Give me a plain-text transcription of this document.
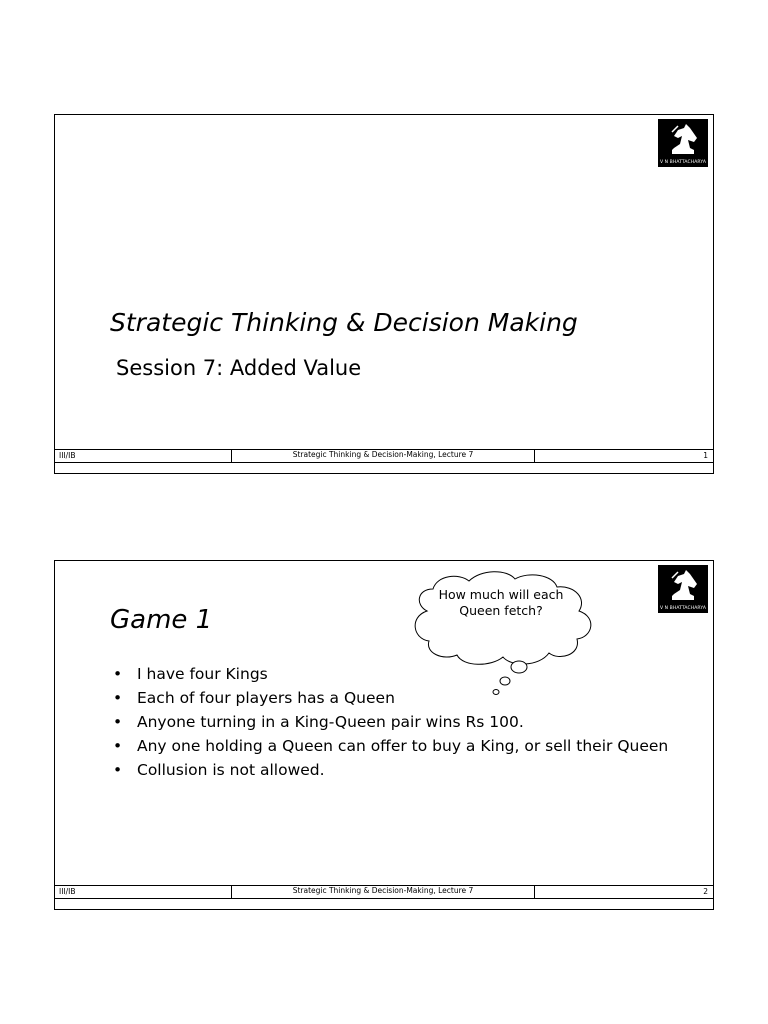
V N BHATTACHARYA
Strategic Thinking & Decision Making
Session 7: Added Value
III/IB	Strategic Thinking & Decision-Making, Lecture 7	1
V N BHATTACHARYA
Game 1
How much will each Queen fetch?
• I have four Kings
• Each of four players has a Queen
• Anyone turning in a King-Queen pair wins Rs 100.
• Any one holding a Queen can offer to buy a King, or sell their Queen
• Collusion is not allowed.
III/IB	Strategic Thinking & Decision-Making, Lecture 7	2
